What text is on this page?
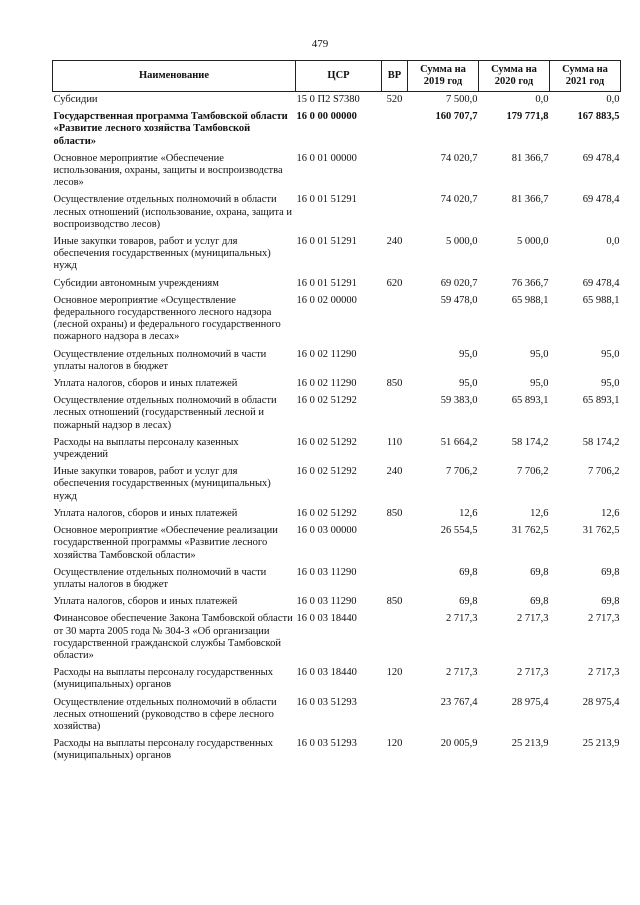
479
Наименование	ЦСР	ВР	Сумма на 2019 год	Сумма на 2020 год	Сумма на 2021 год
Субсидии	15 0 П2 S7380	520	7 500,0	0,0	0,0
Государственная программа Тамбовской области «Развитие лесного хозяйства Тамбовской области»	16 0 00 00000		160 707,7	179 771,8	167 883,5
Основное мероприятие «Обеспечение использования, охраны, защиты и воспроизводства лесов»	16 0 01 00000		74 020,7	81 366,7	69 478,4
Осуществление отдельных полномочий в области лесных отношений (использование, охрана, защита и воспроизводство лесов)	16 0 01 51291		74 020,7	81 366,7	69 478,4
Иные закупки товаров, работ и услуг для обеспечения государственных (муниципальных) нужд	16 0 01 51291	240	5 000,0	5 000,0	0,0
Субсидии автономным учреждениям	16 0 01 51291	620	69 020,7	76 366,7	69 478,4
Основное мероприятие «Осуществление федерального государственного лесного надзора (лесной охраны) и федерального государственного пожарного надзора в лесах»	16 0 02 00000		59 478,0	65 988,1	65 988,1
Осуществление отдельных полномочий в части уплаты налогов в бюджет	16 0 02 11290		95,0	95,0	95,0
Уплата налогов, сборов и иных платежей	16 0 02 11290	850	95,0	95,0	95,0
Осуществление отдельных полномочий в области лесных отношений (государственный лесной и пожарный надзор в лесах)	16 0 02 51292		59 383,0	65 893,1	65 893,1
Расходы на выплаты персоналу казенных учреждений	16 0 02 51292	110	51 664,2	58 174,2	58 174,2
Иные закупки товаров, работ и услуг для обеспечения государственных (муниципальных) нужд	16 0 02 51292	240	7 706,2	7 706,2	7 706,2
Уплата налогов, сборов и иных платежей	16 0 02 51292	850	12,6	12,6	12,6
Основное мероприятие «Обеспечение реализации государственной программы «Развитие лесного хозяйства Тамбовской области»	16 0 03 00000		26 554,5	31 762,5	31 762,5
Осуществление отдельных полномочий в части уплаты налогов в бюджет	16 0 03 11290		69,8	69,8	69,8
Уплата налогов, сборов и иных платежей	16 0 03 11290	850	69,8	69,8	69,8
Финансовое обеспечение Закона Тамбовской области от 30 марта 2005 года № 304-З «Об организации государственной гражданской службы Тамбовской области»	16 0 03 18440		2 717,3	2 717,3	2 717,3
Расходы на выплаты персоналу государственных (муниципальных) органов	16 0 03 18440	120	2 717,3	2 717,3	2 717,3
Осуществление отдельных полномочий в области лесных отношений (руководство в сфере лесного хозяйства)	16 0 03 51293		23 767,4	28 975,4	28 975,4
Расходы на выплаты персоналу государственных (муниципальных) органов	16 0 03 51293	120	20 005,9	25 213,9	25 213,9
